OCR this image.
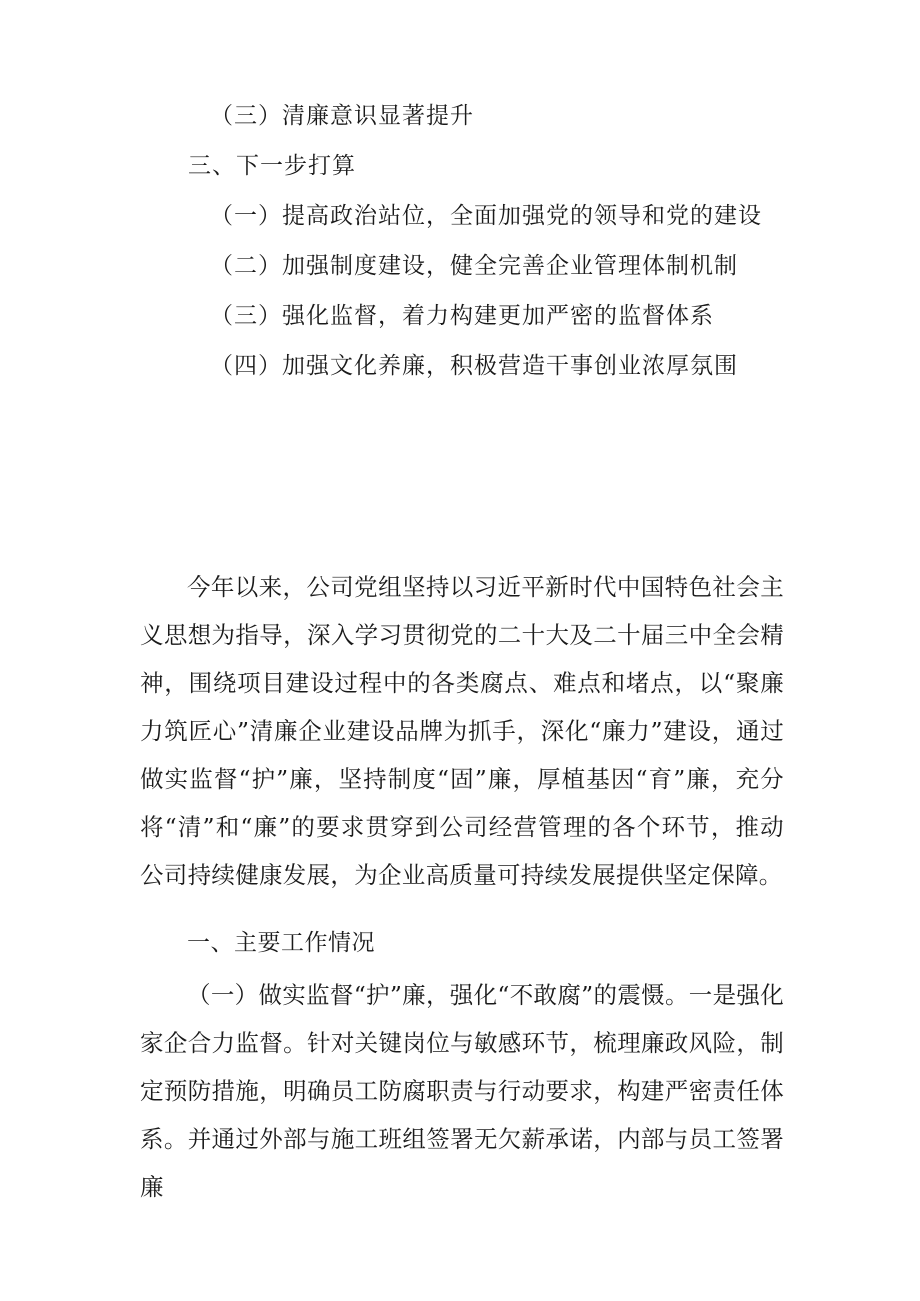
（三）清廉意识显著提升
三、下一步打算
（一）提高政治站位，全面加强党的领导和党的建设
（二）加强制度建设，健全完善企业管理体制机制
（三）强化监督，着力构建更加严密的监督体系
（四）加强文化养廉，积极营造干事创业浓厚氛围

今年以来，公司党组坚持以习近平新时代中国特色社会主义思想为指导，深入学习贯彻党的二十大及二十届三中全会精神，围绕项目建设过程中的各类腐点、难点和堵点，以“聚廉力筑匠心”清廉企业建设品牌为抓手，深化“廉力”建设，通过做实监督“护”廉，坚持制度“固”廉，厚植基因“育”廉，充分将“清”和“廉”的要求贯穿到公司经营管理的各个环节，推动公司持续健康发展，为企业高质量可持续发展提供坚定保障。

一、主要工作情况

（一）做实监督“护”廉，强化“不敢腐”的震慑。一是强化家企合力监督。针对关键岗位与敏感环节，梳理廉政风险，制定预防措施，明确员工防腐职责与行动要求，构建严密责任体系。并通过外部与施工班组签署无欠薪承诺，内部与员工签署廉
